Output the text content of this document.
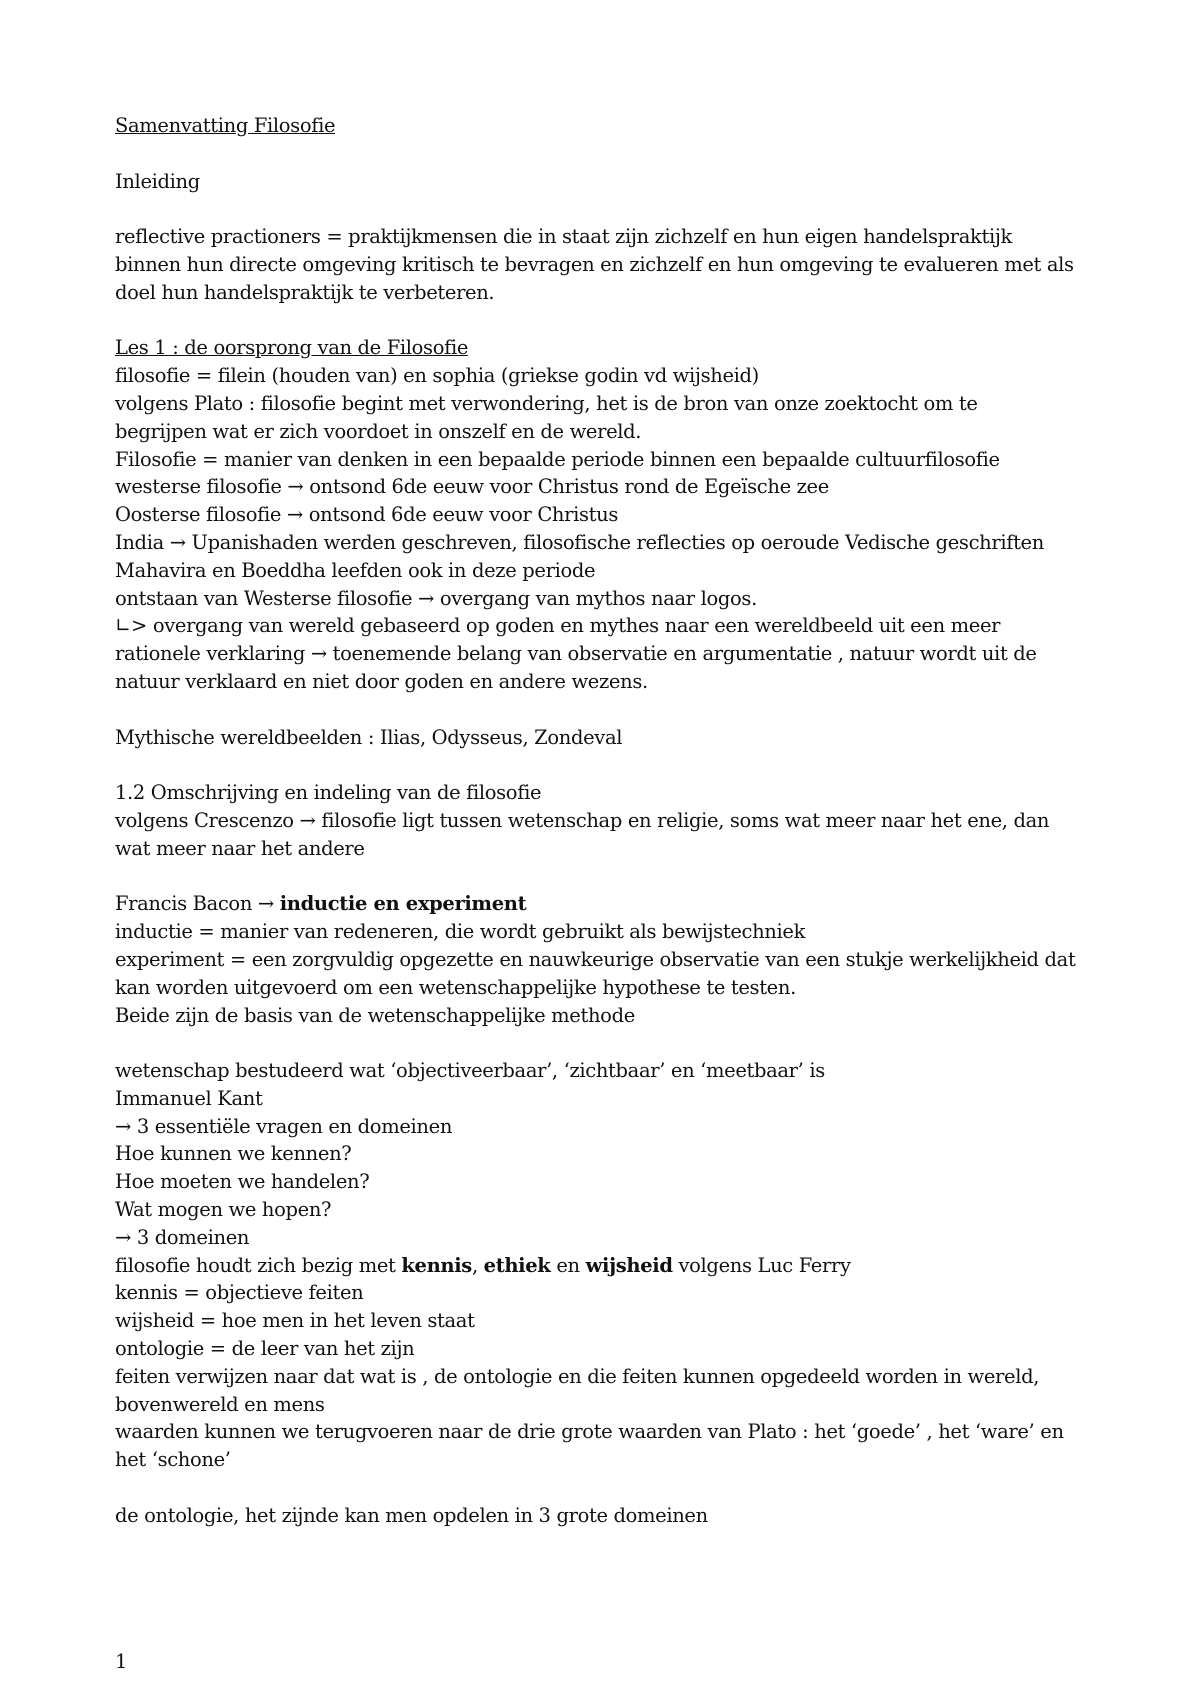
Samenvatting Filosofie
Inleiding
reflective practioners = praktijkmensen die in staat zijn zichzelf en hun eigen handelspraktijk
binnen hun directe omgeving kritisch te bevragen en zichzelf en hun omgeving te evalueren met als
doel hun handelspraktijk te verbeteren.
Les 1 : de oorsprong van de Filosofie
filosofie = filein (houden van) en sophia (griekse godin vd wijsheid)
volgens Plato : filosofie begint met verwondering, het is de bron van onze zoektocht om te
begrijpen wat er zich voordoet in onszelf en de wereld.
Filosofie = manier van denken in een bepaalde periode binnen een bepaalde cultuurfilosofie
westerse filosofie → ontsond 6de eeuw voor Christus rond de Egeïsche zee
Oosterse filosofie → ontsond 6de eeuw voor Christus
India → Upanishaden werden geschreven, filosofische reflecties op oeroude Vedische geschriften
Mahavira en Boeddha leefden ook in deze periode
ontstaan van Westerse filosofie → overgang van mythos naar logos.
∟> overgang van wereld gebaseerd op goden en mythes naar een wereldbeeld uit een meer
rationele verklaring → toenemende belang van observatie en argumentatie , natuur wordt uit de
natuur verklaard en niet door goden en andere wezens.
Mythische wereldbeelden : Ilias, Odysseus, Zondeval
1.2 Omschrijving en indeling van de filosofie
volgens Crescenzo → filosofie ligt tussen wetenschap en religie, soms wat meer naar het ene, dan
wat meer naar het andere
Francis Bacon → inductie en experiment
inductie = manier van redeneren, die wordt gebruikt als bewijstechniek
experiment = een zorgvuldig opgezette en nauwkeurige observatie van een stukje werkelijkheid dat
kan worden uitgevoerd om een wetenschappelijke hypothese te testen.
Beide zijn de basis van de wetenschappelijke methode
wetenschap bestudeerd wat ‘objectiveerbaar’, ‘zichtbaar’ en ‘meetbaar’ is
Immanuel Kant
→ 3 essentiële vragen en domeinen
Hoe kunnen we kennen?
Hoe moeten we handelen?
Wat mogen we hopen?
→ 3 domeinen
filosofie houdt zich bezig met kennis, ethiek en wijsheid volgens Luc Ferry
kennis = objectieve feiten
wijsheid = hoe men in het leven staat
ontologie = de leer van het zijn
feiten verwijzen naar dat wat is , de ontologie en die feiten kunnen opgedeeld worden in wereld,
bovenwereld en mens
waarden kunnen we terugvoeren naar de drie grote waarden van Plato : het ‘goede’ , het ‘ware’ en
het ‘schone’
de ontologie, het zijnde kan men opdelen in 3 grote domeinen
1
